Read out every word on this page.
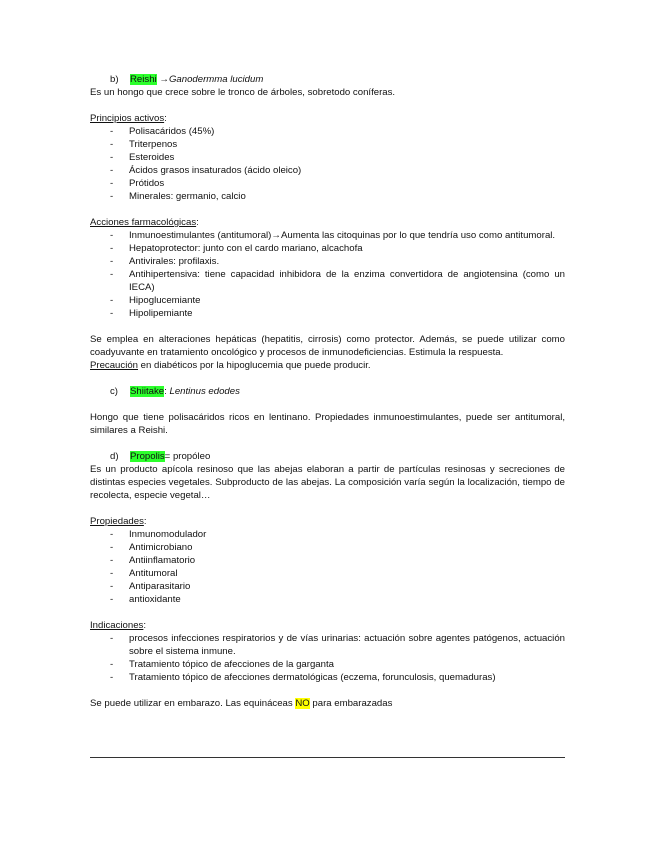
b) Reishi →Ganodermma lucidum

Es un hongo que crece sobre le tronco de árboles, sobretodo coníferas.

Principios activos:

- Polisacáridos (45%)
- Triterpenos
- Esteroides
- Ácidos grasos insaturados (ácido oleico)
- Prótidos
- Minerales: germanio, calcio

Acciones farmacológicas:

- Inmunoestimulantes (antitumoral)→Aumenta las citoquinas por lo que tendría uso como antitumoral.
- Hepatoprotector: junto con el cardo mariano, alcachofa
- Antivirales: profilaxis.
- Antihipertensiva: tiene capacidad inhibidora de la enzima convertidora de angiotensina (como un IECA)
- Hipoglucemiante
- Hipolipemiante

Se emplea en alteraciones hepáticas (hepatitis, cirrosis) como protector. Además, se puede utilizar como coadyuvante en tratamiento oncológico y procesos de inmunodeficiencias. Estimula la respuesta.

Precaución en diabéticos por la hipoglucemia que puede producir.

c) Shiitake: Lentinus edodes

Hongo que tiene polisacáridos ricos en lentinano. Propiedades inmunoestimulantes, puede ser antitumoral, similares a Reishi.

d) Propolis= propóleo

Es un producto apícola resinoso que las abejas elaboran a partir de partículas resinosas y secreciones de distintas especies vegetales. Subproducto de las abejas. La composición varía según la localización, tiempo de recolecta, especie vegetal…

Propiedades:

- Inmunomodulador
- Antimicrobiano
- Antiinflamatorio
- Antitumoral
- Antiparasitario
- antioxidante

Indicaciones:

- procesos infecciones respiratorios y de vías urinarias: actuación sobre agentes patógenos, actuación sobre el sistema inmune.
- Tratamiento tópico de afecciones de la garganta
- Tratamiento tópico de afecciones dermatológicas (eczema, forunculosis, quemaduras)

Se puede utilizar en embarazo. Las equináceas NO para embarazadas
